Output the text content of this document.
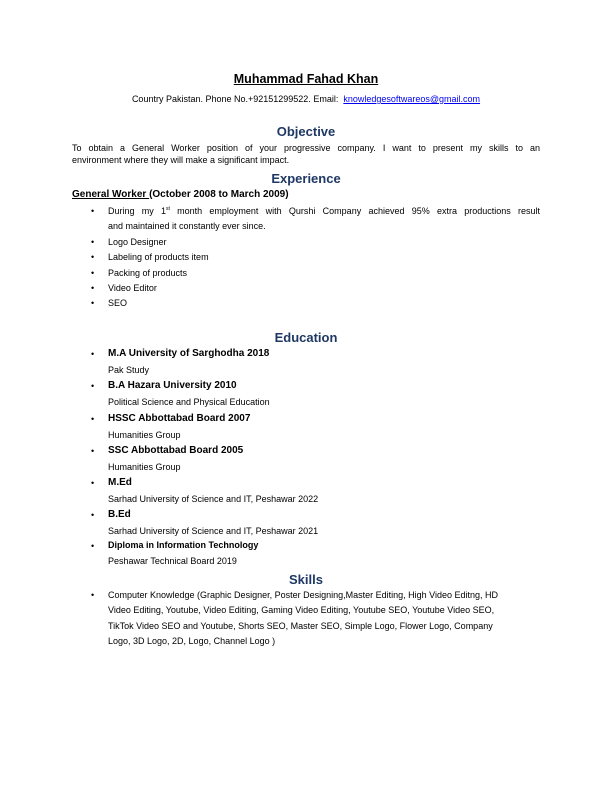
Muhammad Fahad Khan
Country Pakistan. Phone No.+92151299522. Email: knowledgesoftwareos@gmail.com
Objective
To obtain a General Worker position of your progressive company. I want to present my skills to an
environment where they will make a significant impact.
Experience
General Worker (October 2008 to March 2009)
Skills
• During my 1st month employment with Qurshi Company achieved 95% extra productions result
and maintained it constantly ever since.
• Logo Designer
• Labeling of products item
• Packing of products
• Video Editor
• SEO
Education
• M.A University of Sarghodha 2018
Pak Study
• B.A Hazara University 2010
Political Science and Physical Education
• HSSC Abbottabad Board 2007
Humanities Group
• SSC Abbottabad Board 2005
Humanities Group
• M.Ed
Sarhad University of Science and IT, Peshawar 2022
• B.Ed
Sarhad University of Science and IT, Peshawar 2021
• Diploma in Information Technology
Peshawar Technical Board 2019
• Computer Knowledge (Graphic Designer, Poster Designing,Master Editing, High Video Editng, HD
Video Editing, Youtube, Video Editing, Gaming Video Editing, Youtube SEO, Youtube Video SEO,
TikTok Video SEO and Youtube, Shorts SEO, Master SEO, Simple Logo, Flower Logo, Company
Logo, 3D Logo, 2D, Logo, Channel Logo )
